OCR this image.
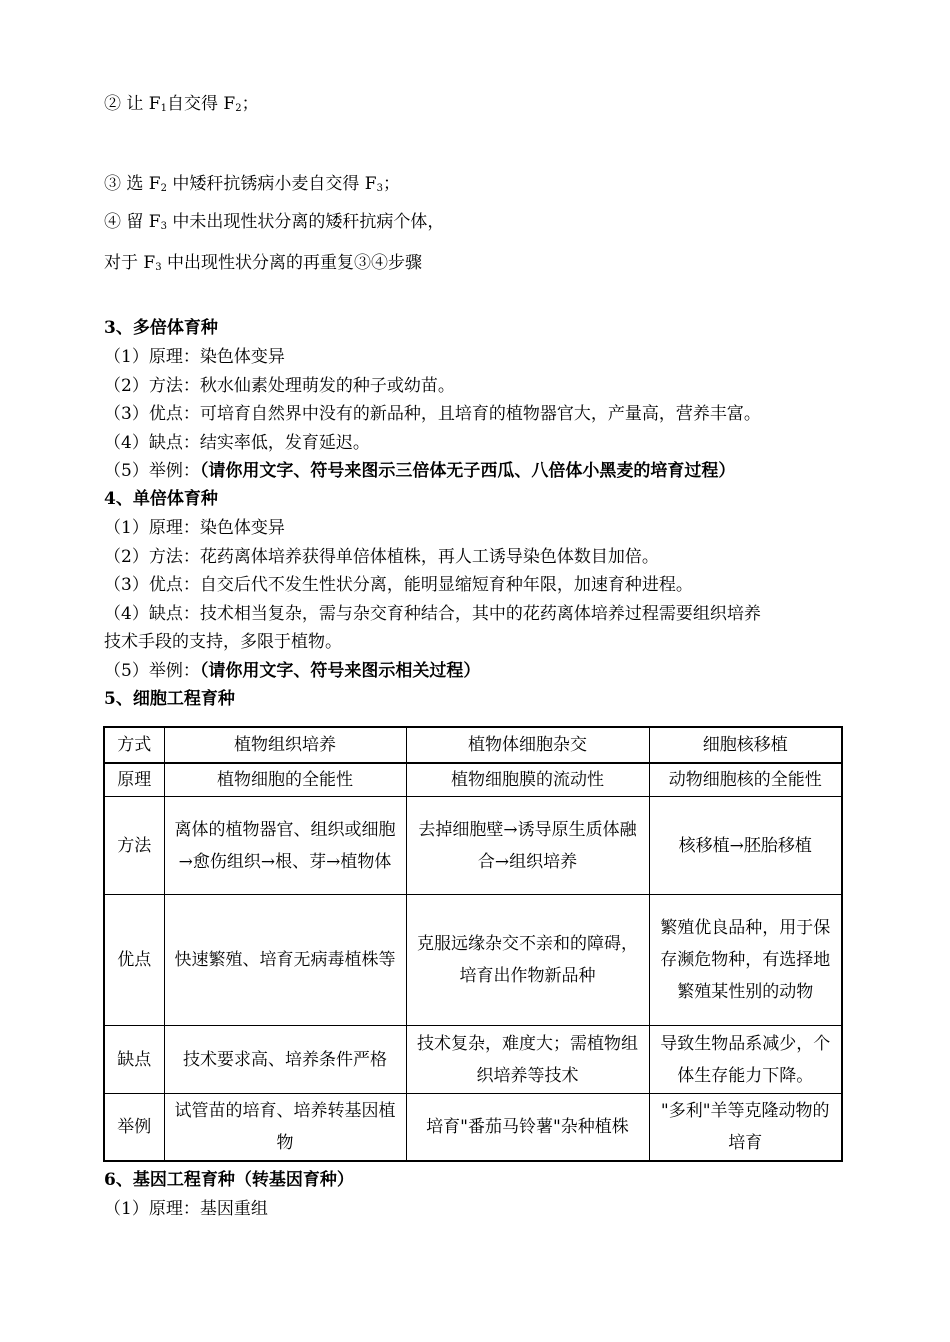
② 让 $F_1$自交得 $F_2$；
③ 选 $F_2$ 中矮秆抗锈病小麦自交得 $F_3$；
④ 留 $F_3$ 中未出现性状分离的矮秆抗病个体，
对于 $F_3$ 中出现性状分离的再重复③④步骤
3、多倍体育种
（1）原理：染色体变异
（2）方法：秋水仙素处理萌发的种子或幼苗。
（3）优点：可培育自然界中没有的新品种，且培育的植物器官大，产量高，营养丰富。
（4）缺点：结实率低，发育延迟。
（5）举例：（请你用文字、符号来图示三倍体无子西瓜、八倍体小黑麦的培育过程）
4、单倍体育种
（1）原理：染色体变异
（2）方法：花药离体培养获得单倍体植株，再人工诱导染色体数目加倍。
（3）优点：自交后代不发生性状分离，能明显缩短育种年限，加速育种进程。
（4）缺点：技术相当复杂，需与杂交育种结合，其中的花药离体培养过程需要组织培养
技术手段的支持，多限于植物。
（5）举例：（请你用文字、符号来图示相关过程）
5、细胞工程育种
方式	植物组织培养	植物体细胞杂交	细胞核移植
原理	植物细胞的全能性	植物细胞膜的流动性	动物细胞核的全能性
方法	离体的植物器官、组织或细胞→愈伤组织→根、芽→植物体	去掉细胞壁→诱导原生质体融合→组织培养	核移植→胚胎移植
优点	快速繁殖、培育无病毒植株等	克服远缘杂交不亲和的障碍，培育出作物新品种	繁殖优良品种，用于保存濒危物种，有选择地繁殖某性别的动物
缺点	技术要求高、培养条件严格	技术复杂，难度大；需植物组织培养等技术	导致生物品系减少，个体生存能力下降。
举例	试管苗的培育、培养转基因植物	培育"番茄马铃薯"杂种植株	"多利"羊等克隆动物的培育
6、基因工程育种（转基因育种）
（1）原理：基因重组
